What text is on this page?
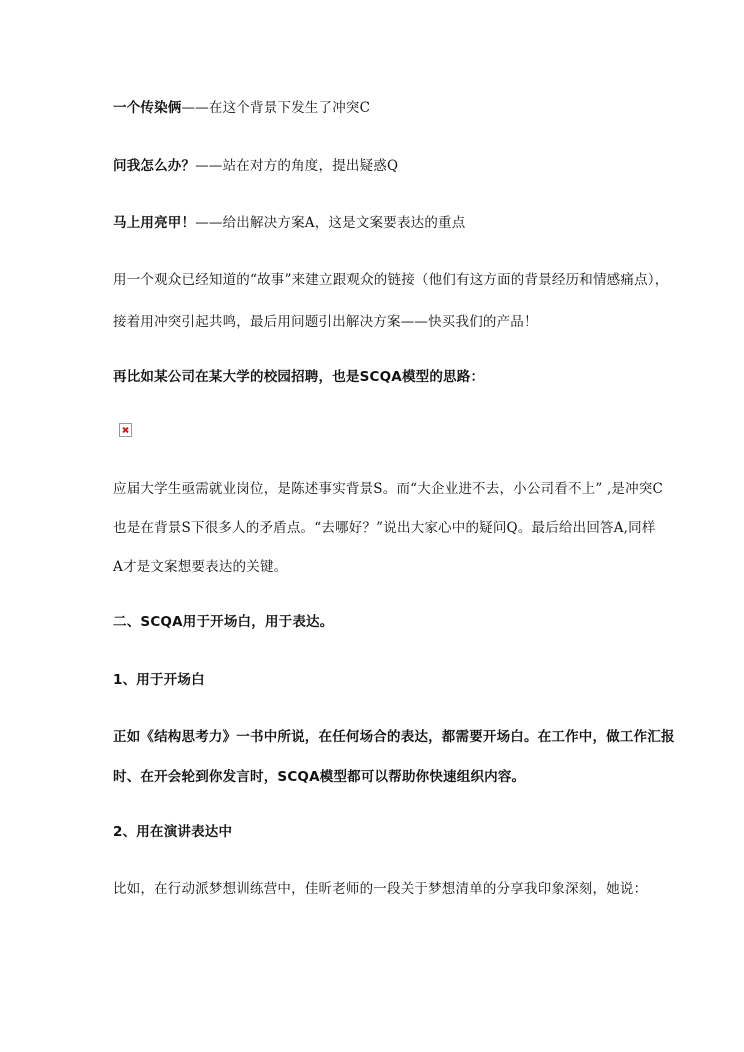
一个传染俩——在这个背景下发生了冲突C
问我怎么办？——站在对方的角度，提出疑惑Q
马上用亮甲！——给出解决方案A，这是文案要表达的重点
用一个观众已经知道的“故事”来建立跟观众的链接（他们有这方面的背景经历和情感痛点），
接着用冲突引起共鸣，最后用问题引出解决方案——快买我们的产品！
再比如某公司在某大学的校园招聘，也是SCQA模型的思路：
应届大学生亟需就业岗位，是陈述事实背景S。而“大企业进不去，小公司看不上” ,是冲突C
也是在背景S下很多人的矛盾点。“去哪好？”说出大家心中的疑问Q。最后给出回答A,同样
A才是文案想要表达的关键。
二、SCQA用于开场白，用于表达。
1、用于开场白
正如《结构思考力》一书中所说，在任何场合的表达，都需要开场白。在工作中，做工作汇报
时、在开会轮到你发言时，SCQA模型都可以帮助你快速组织内容。
2、用在演讲表达中
比如，在行动派梦想训练营中，佳昕老师的一段关于梦想清单的分享我印象深刻，她说：
